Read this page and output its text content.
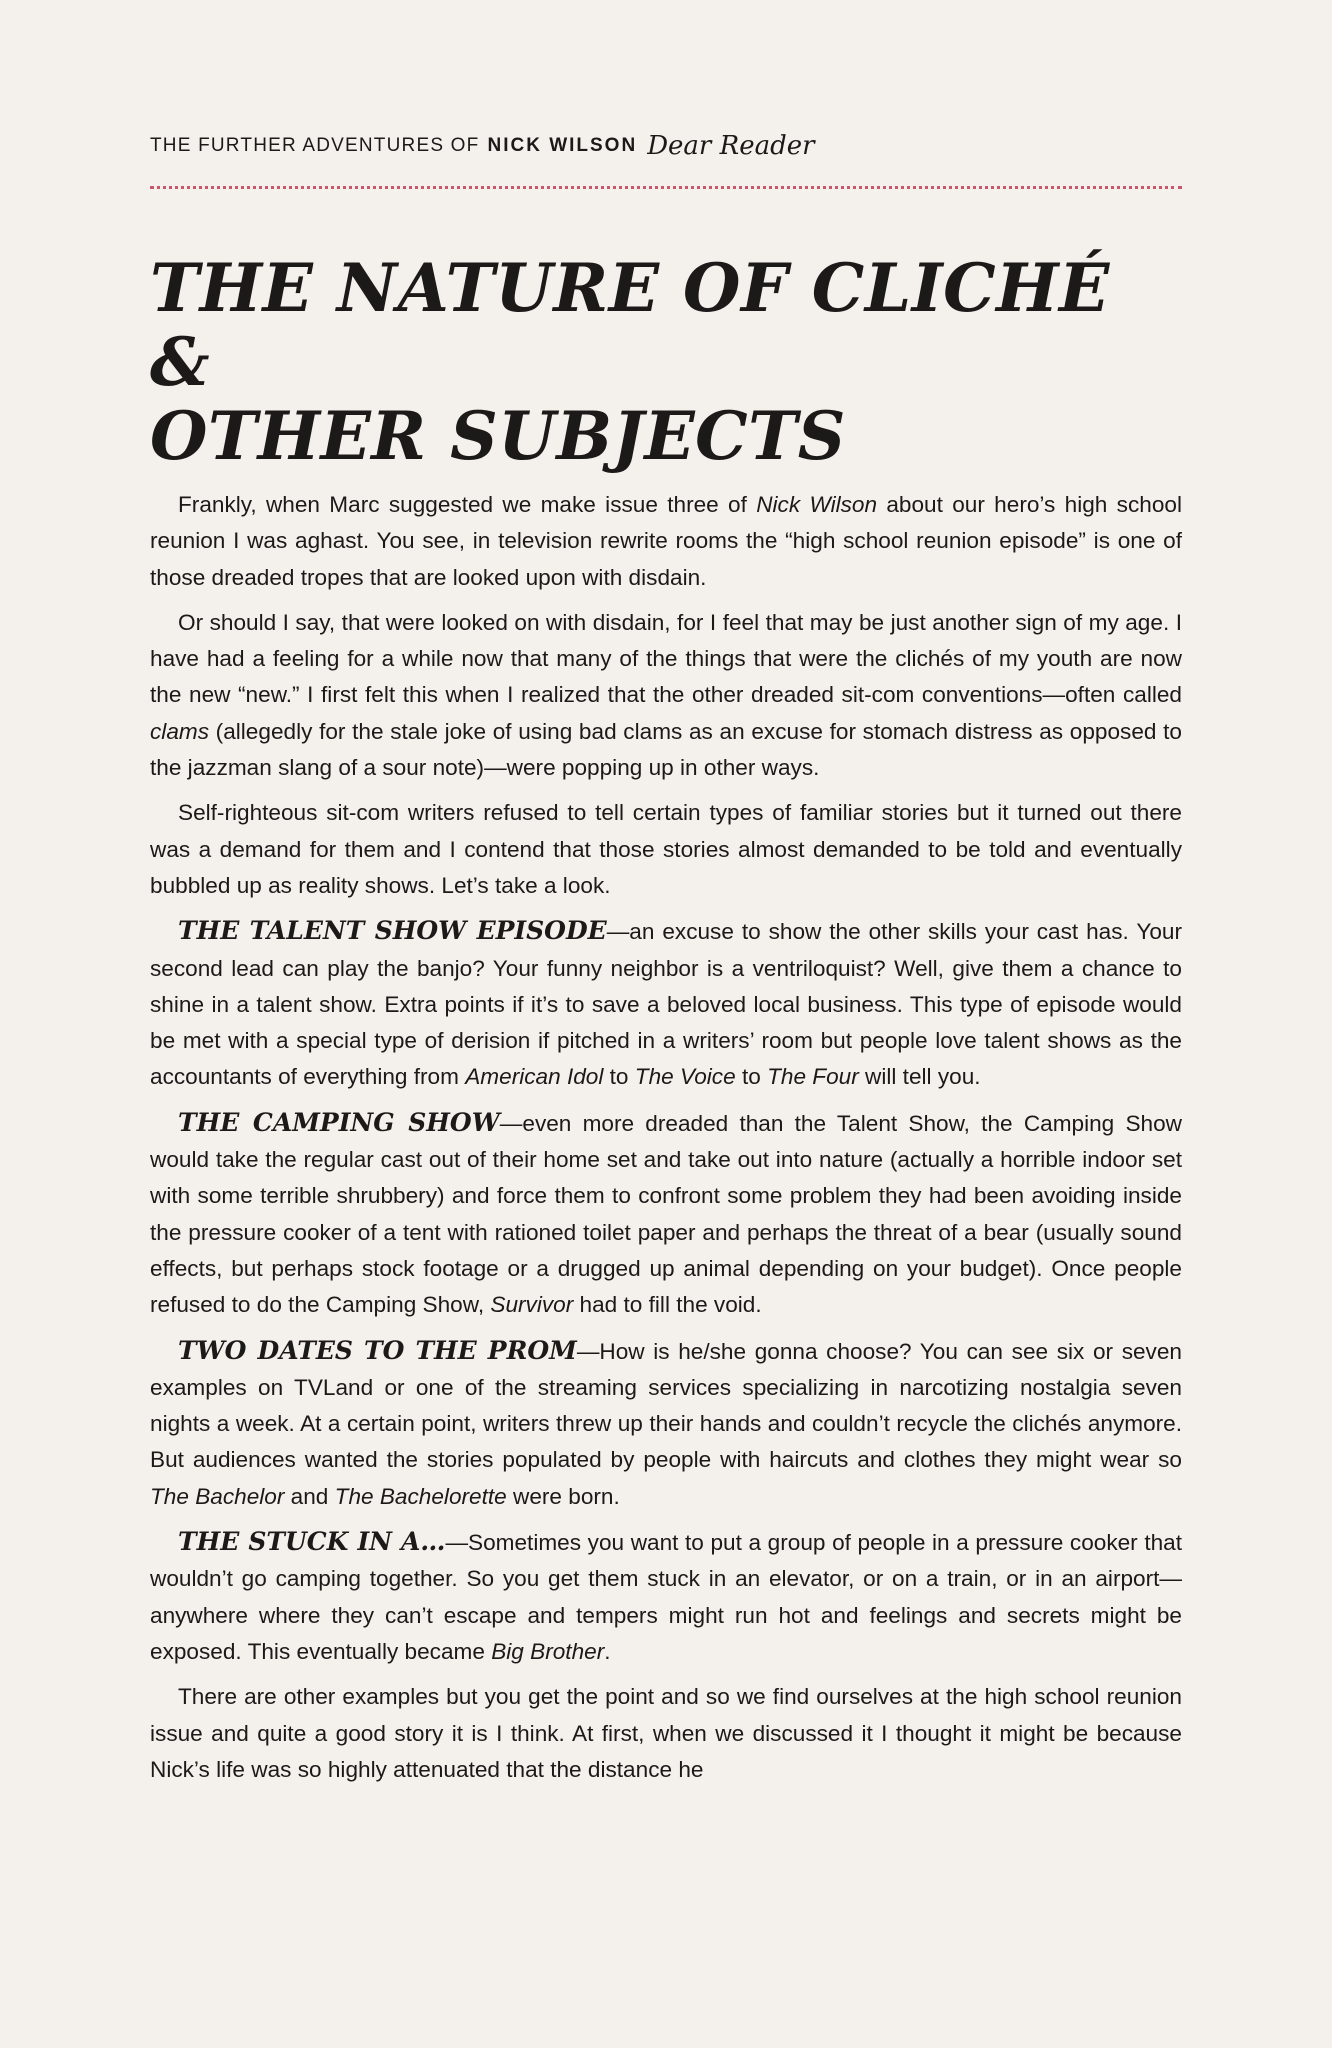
THE FURTHER ADVENTURES OF NICK WILSON Dear Reader
THE NATURE OF CLICHÉ &
OTHER SUBJECTS

Frankly, when Marc suggested we make issue three of Nick Wilson about our hero’s high school reunion I was aghast. You see, in television rewrite rooms the “high school reunion episode” is one of those dreaded tropes that are looked upon with disdain.

Or should I say, that were looked on with disdain, for I feel that may be just another sign of my age. I have had a feeling for a while now that many of the things that were the clichés of my youth are now the new “new.” I first felt this when I realized that the other dreaded sit-com conventions—often called clams (allegedly for the stale joke of using bad clams as an excuse for stomach distress as opposed to the jazzman slang of a sour note)—were popping up in other ways.

Self-righteous sit-com writers refused to tell certain types of familiar stories but it turned out there was a demand for them and I contend that those stories almost demanded to be told and eventually bubbled up as reality shows. Let’s take a look.

THE TALENT SHOW EPISODE—an excuse to show the other skills your cast has. Your second lead can play the banjo? Your funny neighbor is a ventriloquist? Well, give them a chance to shine in a talent show. Extra points if it’s to save a beloved local business. This type of episode would be met with a special type of derision if pitched in a writers’ room but people love talent shows as the accountants of everything from American Idol to The Voice to The Four will tell you.

THE CAMPING SHOW—even more dreaded than the Talent Show, the Camping Show would take the regular cast out of their home set and take out into nature (actually a horrible indoor set with some terrible shrubbery) and force them to confront some problem they had been avoiding inside the pressure cooker of a tent with rationed toilet paper and perhaps the threat of a bear (usually sound effects, but perhaps stock footage or a drugged up animal depending on your budget). Once people refused to do the Camping Show, Survivor had to fill the void.

TWO DATES TO THE PROM—How is he/she gonna choose? You can see six or seven examples on TVLand or one of the streaming services specializing in narcotizing nostalgia seven nights a week. At a certain point, writers threw up their hands and couldn’t recycle the clichés anymore. But audiences wanted the stories populated by people with haircuts and clothes they might wear so The Bachelor and The Bachelorette were born.

THE STUCK IN A…—Sometimes you want to put a group of people in a pressure cooker that wouldn’t go camping together. So you get them stuck in an elevator, or on a train, or in an airport—anywhere where they can’t escape and tempers might run hot and feelings and secrets might be exposed. This eventually became Big Brother.

There are other examples but you get the point and so we find ourselves at the high school reunion issue and quite a good story it is I think. At first, when we discussed it I thought it might be because Nick’s life was so highly attenuated that the distance he
